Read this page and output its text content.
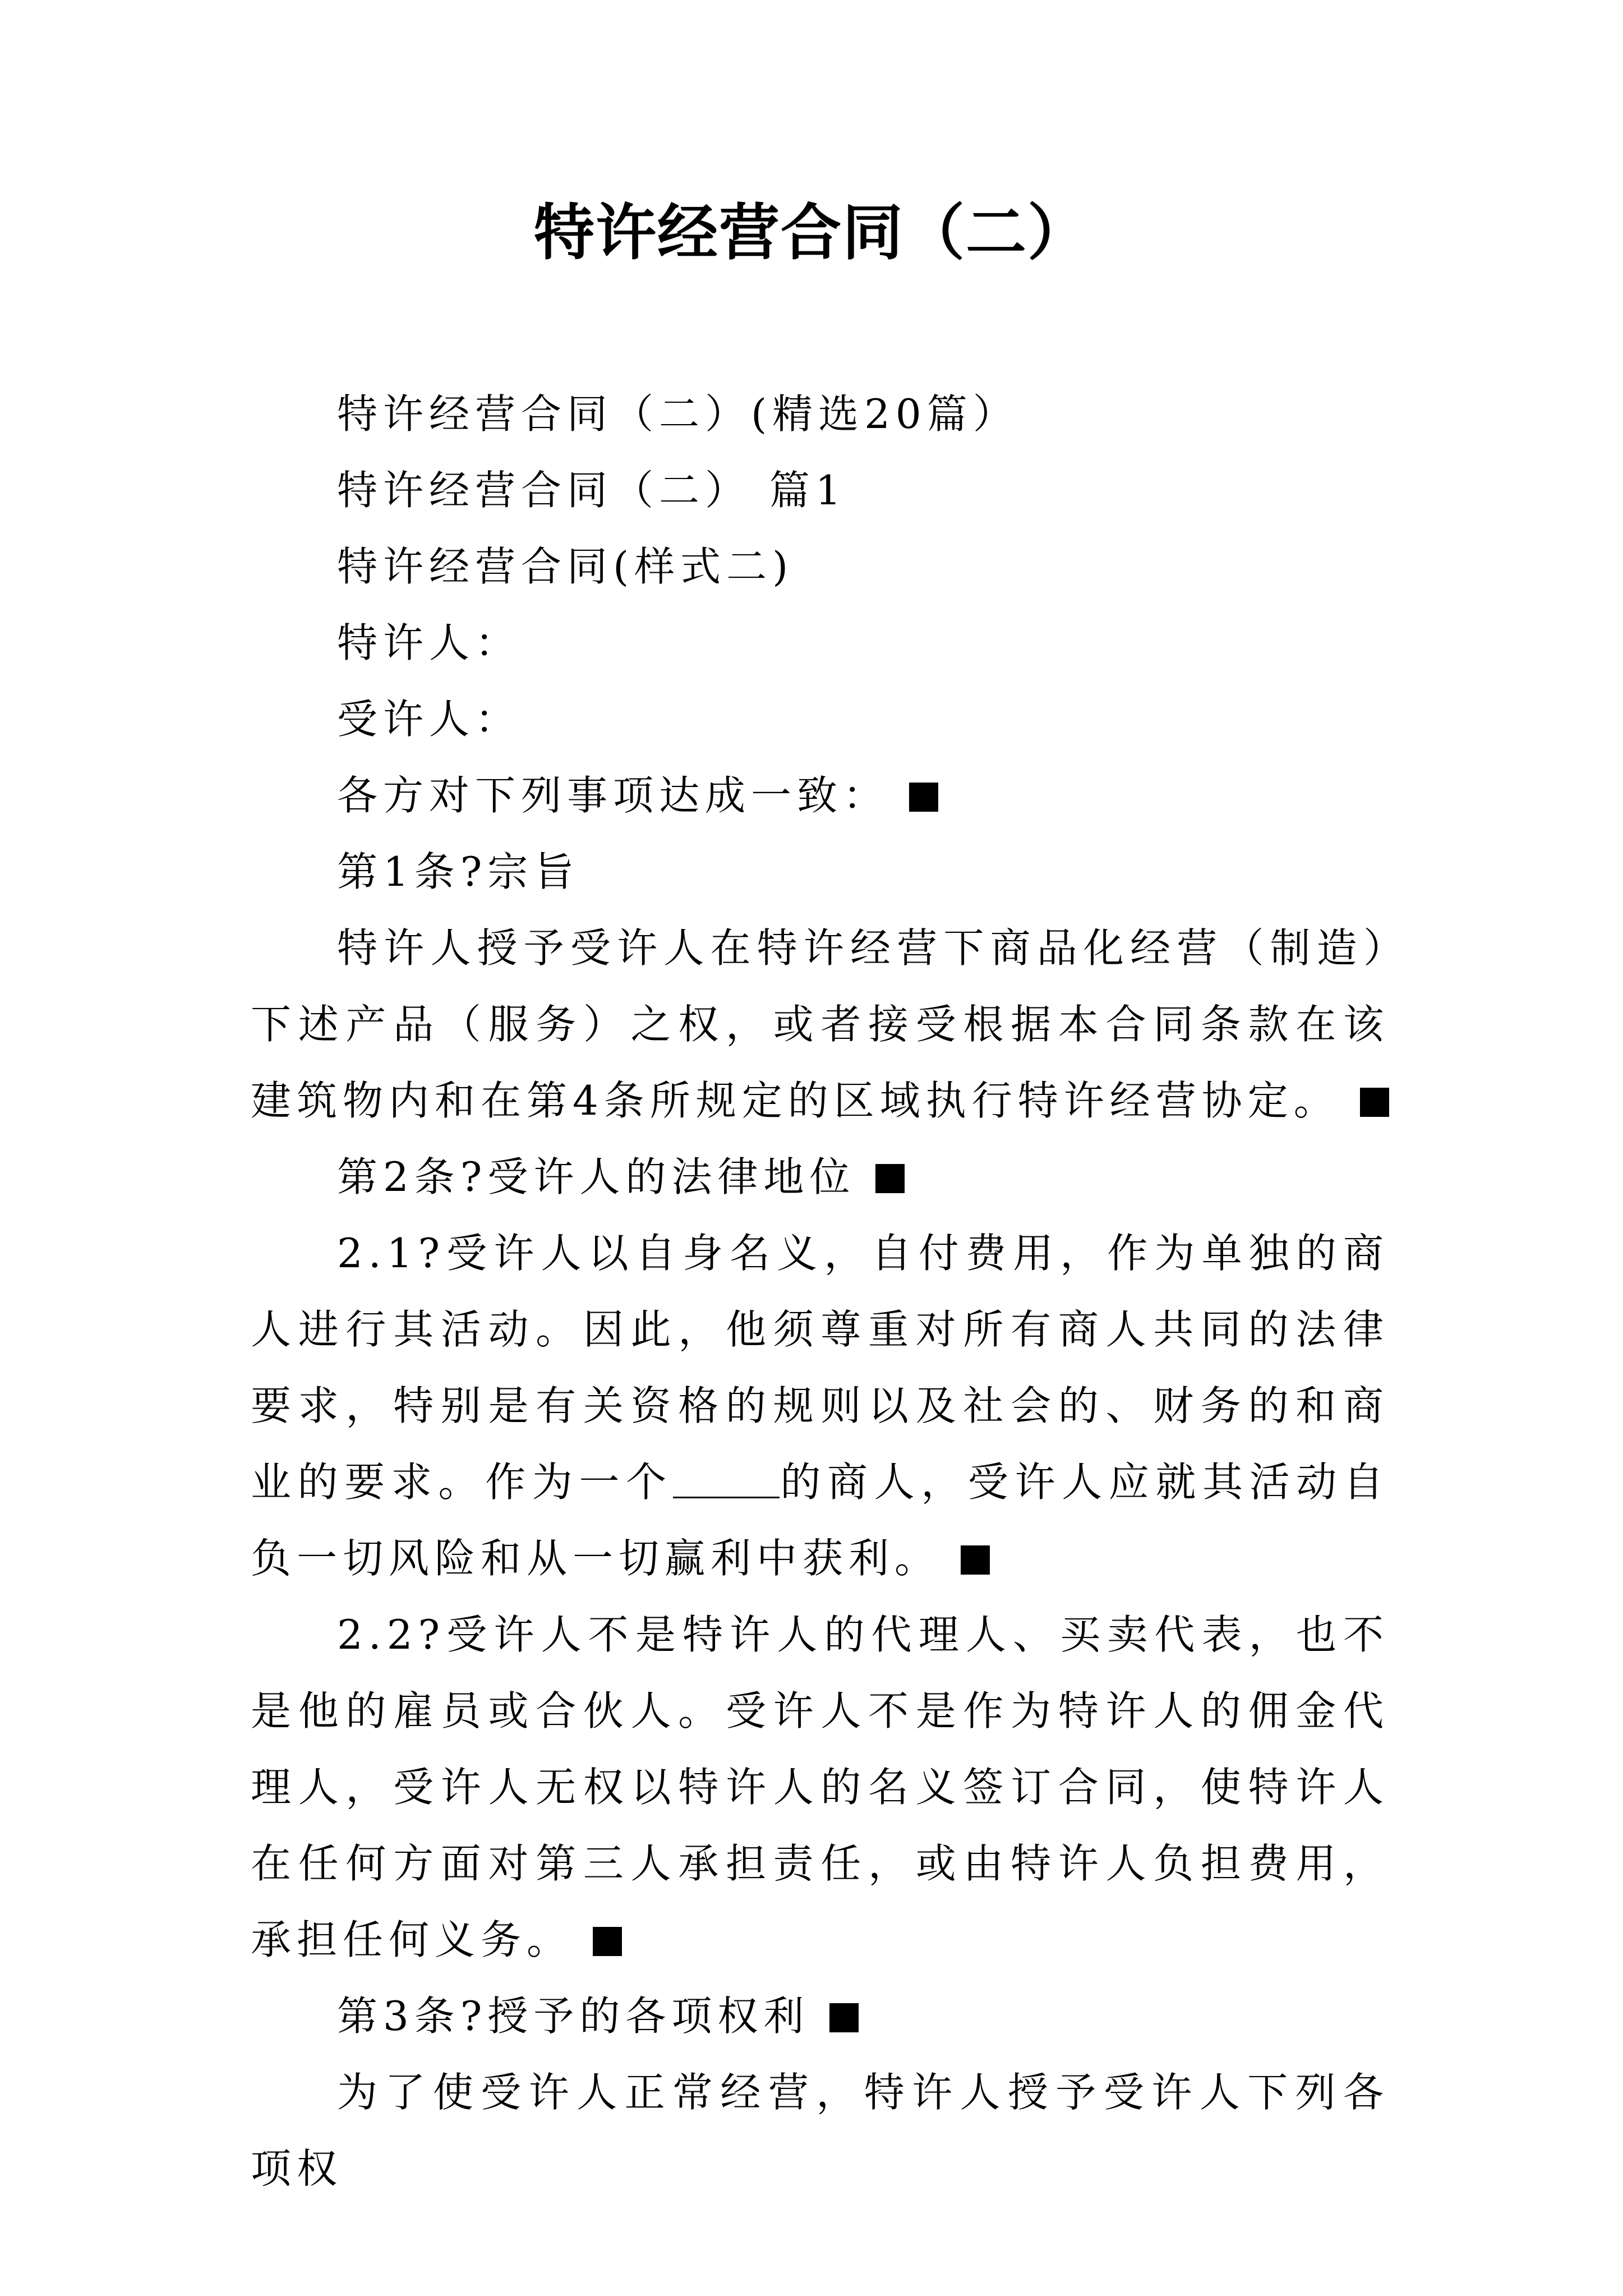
特许经营合同（二）

特许经营合同（二）(精选20篇）

特许经营合同（二） 篇1

特许经营合同(样式二)

特许人：

受许人：

各方对下列事项达成一致：

第1条?宗旨

特许人授予受许人在特许经营下商品化经营（制造）下述产品（服务）之权，或者接受根据本合同条款在该建筑物内和在第4条所规定的区域执行特许经营协定。

第2条?受许人的法律地位

2.1?受许人以自身名义，自付费用，作为单独的商人进行其活动。因此，他须尊重对所有商人共同的法律要求，特别是有关资格的规则以及社会的、财务的和商业的要求。作为一个	的商人，受许人应就其活动自负一切风险和从一切赢利中获利。

2.2?受许人不是特许人的代理人、买卖代表，也不是他的雇员或合伙人。受许人不是作为特许人的佣金代理人，受许人无权以特许人的名义签订合同，使特许人在任何方面对第三人承担责任，或由特许人负担费用，承担任何义务。

第3条?授予的各项权利

为了使受许人正常经营，特许人授予受许人下列各项权
